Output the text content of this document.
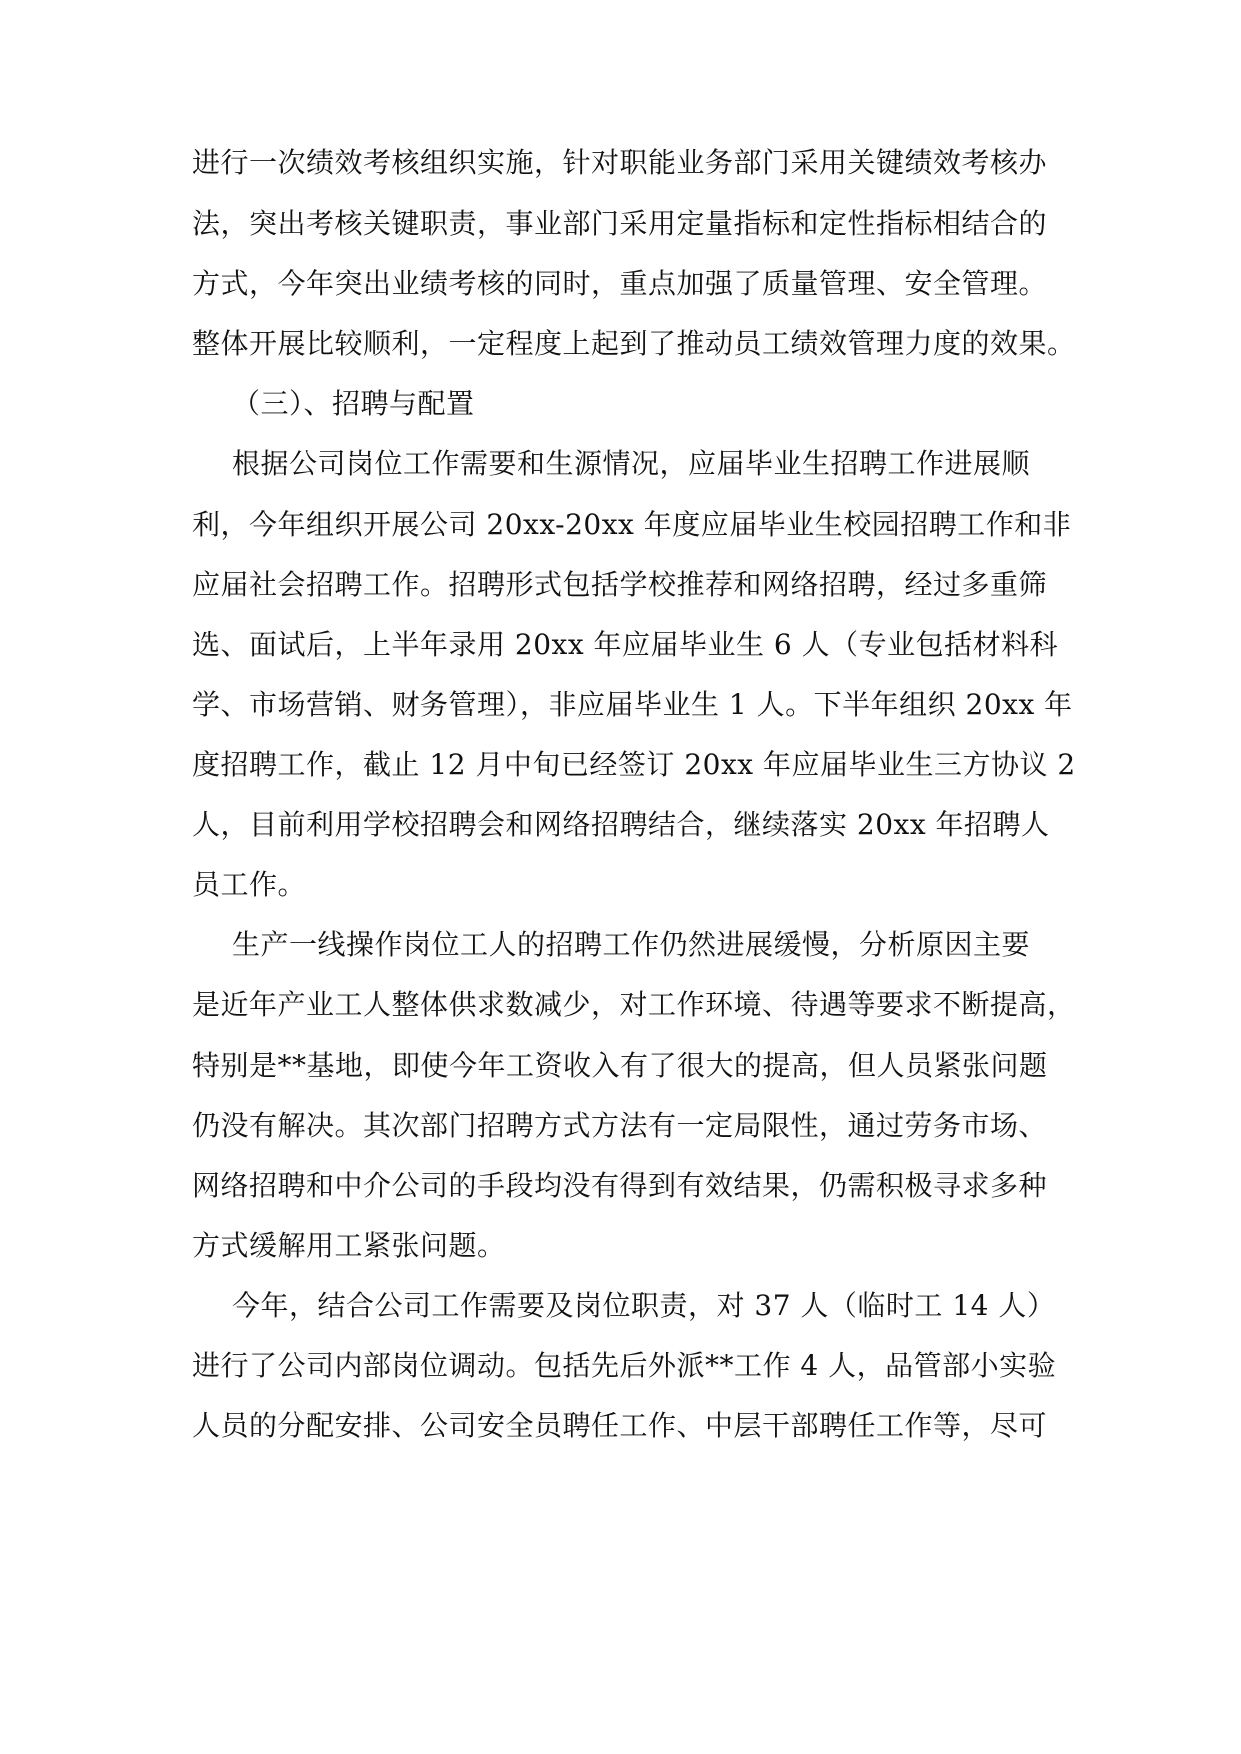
进行一次绩效考核组织实施，针对职能业务部门采用关键绩效考核办
法，突出考核关键职责，事业部门采用定量指标和定性指标相结合的
方式，今年突出业绩考核的同时，重点加强了质量管理、安全管理。
整体开展比较顺利，一定程度上起到了推动员工绩效管理力度的效果。
（三）、招聘与配置
根据公司岗位工作需要和生源情况，应届毕业生招聘工作进展顺
利，今年组织开展公司 20xx-20xx 年度应届毕业生校园招聘工作和非
应届社会招聘工作。招聘形式包括学校推荐和网络招聘，经过多重筛
选、面试后，上半年录用 20xx 年应届毕业生 6 人（专业包括材料科
学、市场营销、财务管理），非应届毕业生 1 人。下半年组织 20xx 年
度招聘工作，截止 12 月中旬已经签订 20xx 年应届毕业生三方协议 2
人，目前利用学校招聘会和网络招聘结合，继续落实 20xx 年招聘人
员工作。
生产一线操作岗位工人的招聘工作仍然进展缓慢，分析原因主要
是近年产业工人整体供求数减少，对工作环境、待遇等要求不断提高，
特别是**基地，即使今年工资收入有了很大的提高，但人员紧张问题
仍没有解决。其次部门招聘方式方法有一定局限性，通过劳务市场、
网络招聘和中介公司的手段均没有得到有效结果，仍需积极寻求多种
方式缓解用工紧张问题。
今年，结合公司工作需要及岗位职责，对 37 人（临时工 14 人）
进行了公司内部岗位调动。包括先后外派**工作 4 人，品管部小实验
人员的分配安排、公司安全员聘任工作、中层干部聘任工作等，尽可
